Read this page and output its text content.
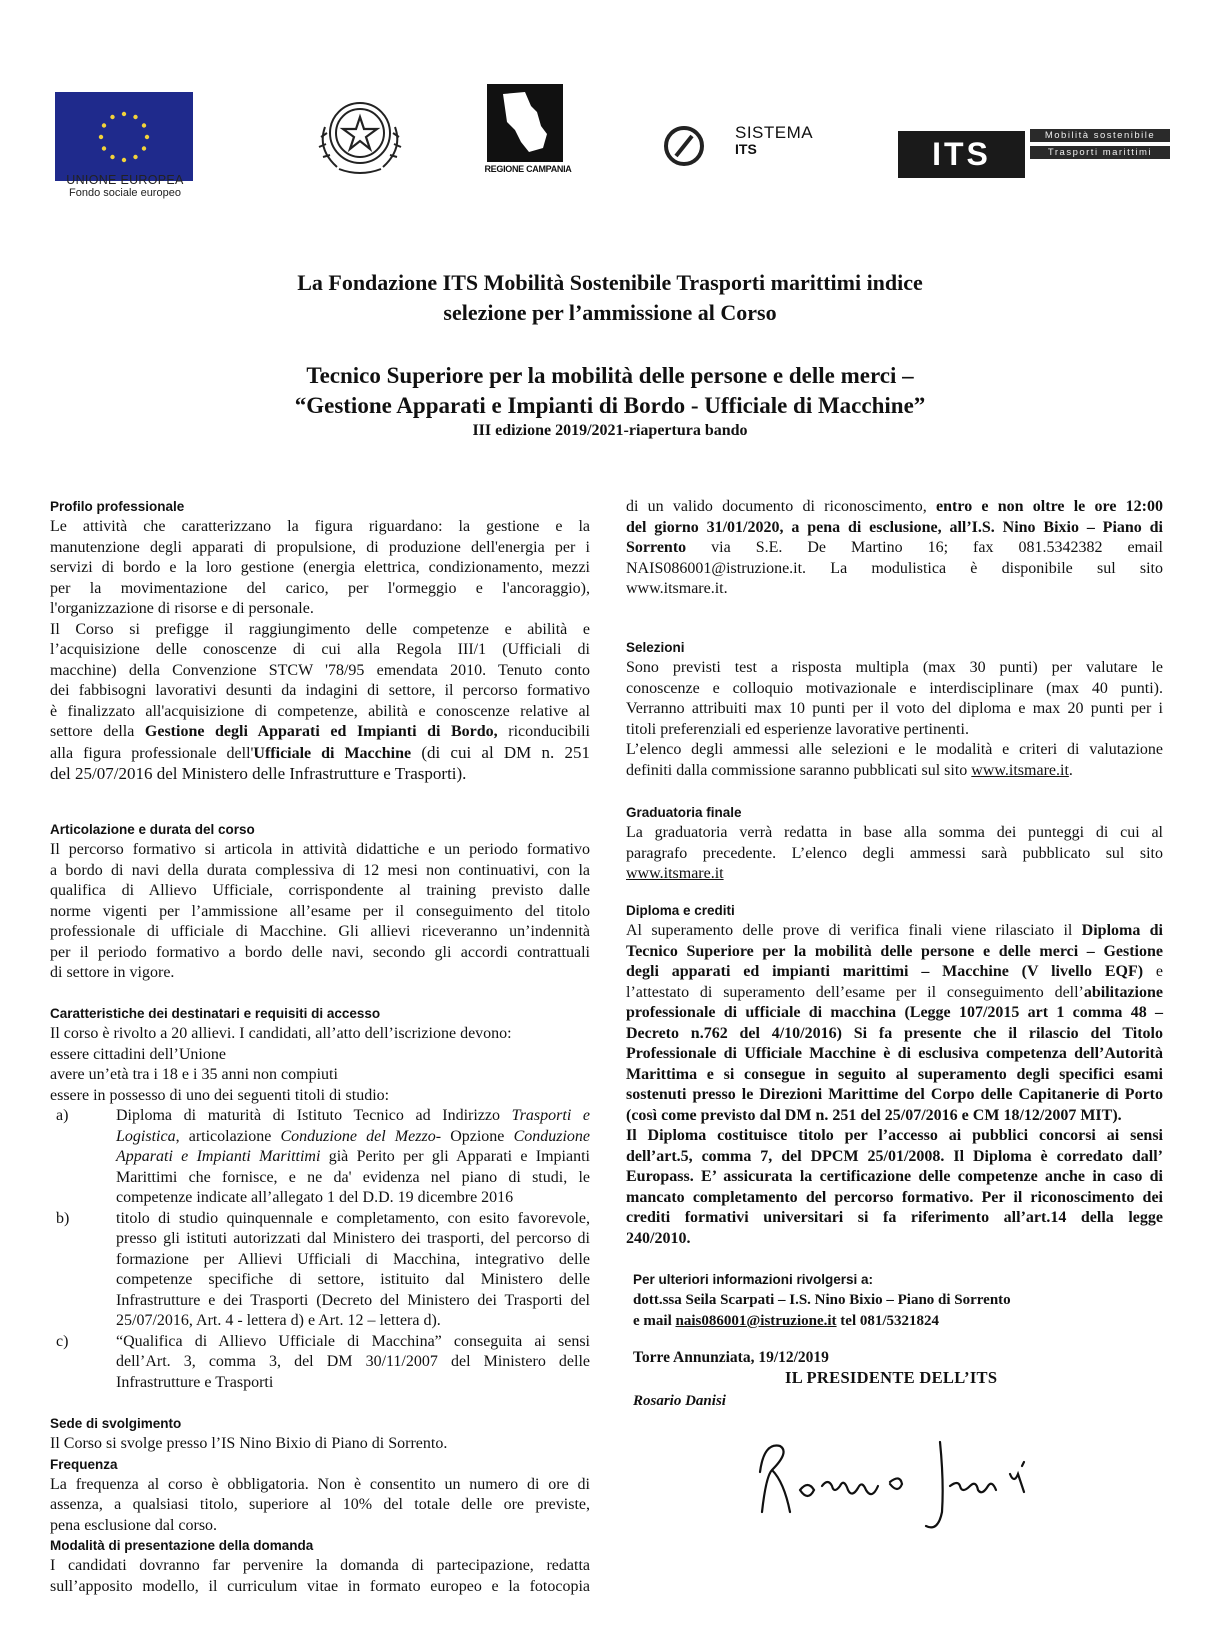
UNIONE EUROPEA
Fondo sociale europeo
REGIONE CAMPANIA
SISTEMA
ITS	ITS
Mobilità sostenibile
Trasporti marittimi
La Fondazione ITS Mobilità Sostenibile Trasporti marittimi indice
selezione per l’ammissione al Corso
Tecnico Superiore per la mobilità delle persone e delle merci –
“Gestione Apparati e Impianti di Bordo - Ufficiale di Macchine”
III edizione 2019/2021-riapertura bando
Profilo professionale
Le attività che caratterizzano la figura riguardano: la gestione e la
manutenzione degli apparati di propulsione, di produzione dell'energia per i
servizi di bordo e la loro gestione (energia elettrica, condizionamento, mezzi
per la movimentazione del carico, per l'ormeggio e l'ancoraggio),
l'organizzazione di risorse e di personale.
Il Corso si prefigge il raggiungimento delle competenze e abilità e
l’acquisizione delle conoscenze di cui alla Regola III/1 (Ufficiali di
macchine) della Convenzione STCW '78/95 emendata 2010. Tenuto conto
dei fabbisogni lavorativi desunti da indagini di settore, il percorso formativo
è finalizzato all'acquisizione di competenze, abilità e conoscenze relative al
settore della Gestione degli Apparati ed Impianti di Bordo, riconducibili
alla figura professionale dell'Ufficiale di Macchine (di cui al DM n. 251
del 25/07/2016 del Ministero delle Infrastrutture e Trasporti).
Articolazione e durata del corso
Il percorso formativo si articola in attività didattiche e un periodo formativo
a bordo di navi della durata complessiva di 12 mesi non continuativi, con la
qualifica di Allievo Ufficiale, corrispondente al training previsto dalle
norme vigenti per l’ammissione all’esame per il conseguimento del titolo
professionale di ufficiale di Macchine. Gli allievi riceveranno un’indennità
per il periodo formativo a bordo delle navi, secondo gli accordi contrattuali
di settore in vigore.
Caratteristiche dei destinatari e requisiti di accesso
Il corso è rivolto a 20 allievi. I candidati, all’atto dell’iscrizione devono:
essere cittadini dell’Unione
avere un’età tra i 18 e i 35 anni non compiuti
essere in possesso di uno dei seguenti titoli di studio:
a)	Diploma di maturità di Istituto Tecnico ad Indirizzo Trasporti e
Logistica, articolazione Conduzione del Mezzo- Opzione Conduzione
Apparati e Impianti Marittimi già Perito per gli Apparati e Impianti
Marittimi che fornisce, e ne da' evidenza nel piano di studi, le
competenze indicate all’allegato 1 del D.D. 19 dicembre 2016
b)	titolo di studio quinquennale e completamento, con esito favorevole,
presso gli istituti autorizzati dal Ministero dei trasporti, del percorso di
formazione per Allievi Ufficiali di Macchina, integrativo delle
competenze specifiche di settore, istituito dal Ministero delle
Infrastrutture e dei Trasporti (Decreto del Ministero dei Trasporti del
25/07/2016, Art. 4 - lettera d) e Art. 12 – lettera d).
c)	“Qualifica di Allievo Ufficiale di Macchina” conseguita ai sensi
dell’Art. 3, comma 3, del DM 30/11/2007 del Ministero delle
Infrastrutture e Trasporti
Sede di svolgimento
Il Corso si svolge presso l’IS Nino Bixio di Piano di Sorrento.
Frequenza
La frequenza al corso è obbligatoria. Non è consentito un numero di ore di
assenza, a qualsiasi titolo, superiore al 10% del totale delle ore previste,
pena esclusione dal corso.
Modalità di presentazione della domanda
I candidati dovranno far pervenire la domanda di partecipazione, redatta
sull’apposito modello, il curriculum vitae in formato europeo e la fotocopia
di un valido documento di riconoscimento, entro e non oltre le ore 12:00
del giorno 31/01/2020, a pena di esclusione, all’I.S. Nino Bixio – Piano di
Sorrento via S.E. De Martino 16; fax 081.5342382 email
NAIS086001@istruzione.it. La modulistica è disponibile sul sito
www.itsmare.it.
Selezioni
Sono previsti test a risposta multipla (max 30 punti) per valutare le
conoscenze e colloquio motivazionale e interdisciplinare (max 40 punti).
Verranno attribuiti max 10 punti per il voto del diploma e max 20 punti per i
titoli preferenziali ed esperienze lavorative pertinenti.
L’elenco degli ammessi alle selezioni e le modalità e criteri di valutazione
definiti dalla commissione saranno pubblicati sul sito www.itsmare.it.
Graduatoria finale
La graduatoria verrà redatta in base alla somma dei punteggi di cui al
paragrafo precedente. L’elenco degli ammessi sarà pubblicato sul sito
www.itsmare.it
Diploma e crediti
Al superamento delle prove di verifica finali viene rilasciato il Diploma di
Tecnico Superiore per la mobilità delle persone e delle merci – Gestione
degli apparati ed impianti marittimi – Macchine (V livello EQF) e
l’attestato di superamento dell’esame per il conseguimento dell’abilitazione
professionale di ufficiale di macchina (Legge 107/2015 art 1 comma 48 –
Decreto n.762 del 4/10/2016) Si fa presente che il rilascio del Titolo
Professionale di Ufficiale Macchine è di esclusiva competenza dell’Autorità
Marittima e si consegue in seguito al superamento degli specifici esami
sostenuti presso le Direzioni Marittime del Corpo delle Capitanerie di Porto
(così come previsto dal DM n. 251 del 25/07/2016 e CM 18/12/2007 MIT).
Il Diploma costituisce titolo per l’accesso ai pubblici concorsi ai sensi
dell’art.5, comma 7, del DPCM 25/01/2008. Il Diploma è corredato dall’
Europass. E’ assicurata la certificazione delle competenze anche in caso di
mancato completamento del percorso formativo. Per il riconoscimento dei
crediti formativi universitari si fa riferimento all’art.14 della legge
240/2010.
Per ulteriori informazioni rivolgersi a:
dott.ssa Seila Scarpati – I.S. Nino Bixio – Piano di Sorrento
e mail nais086001@istruzione.it tel 081/5321824
Torre Annunziata, 19/12/2019
IL PRESIDENTE DELL’ITS
Rosario Danisi
